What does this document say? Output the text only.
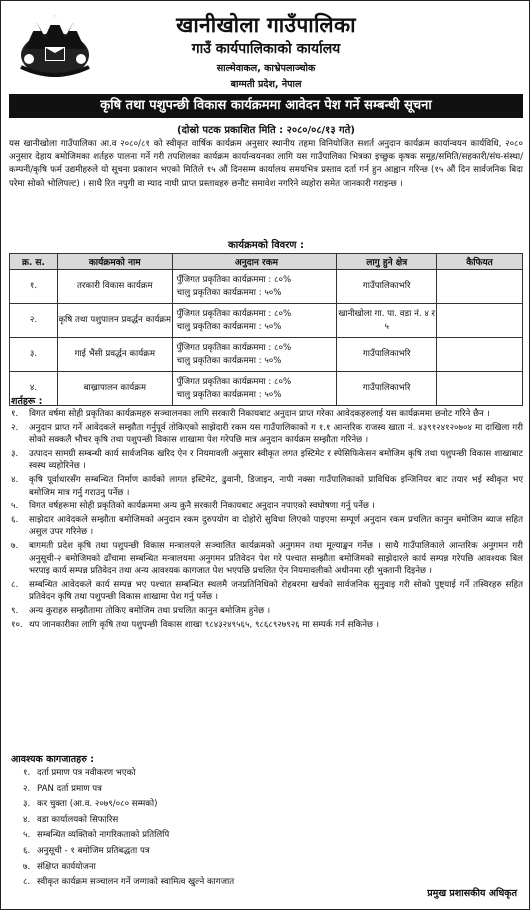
खानीखोला गाउँपालिका
गाउँ कार्यपालिकाको कार्यालय
साल्मेवाकल, काभ्रेपलाञ्चोक
बाग्मती प्रदेश, नेपाल
कृषि तथा पशुपन्छी विकास कार्यक्रममा आवेदन पेश गर्ने सम्बन्धी सूचना
(दोस्रो पटक प्रकाशित मिति : २०८०/०८/१३ गते)

यस खानीखोला गाउँपालिका आ.व २०८०/८१ को स्वीकृत वार्षिक कार्यक्रम अनुसार स्थानीय तहमा विनियोजित सशर्त अनुदान कार्यक्रम कार्यान्वयन कार्यविधि, २०८० अनुसार देहाय बमोजिमका शर्तहरु पालना गर्ने गरी तपशिलका कार्यक्रम कार्यान्वयनका लागि यस गाउँपालिका भित्रका इच्छुक कृषक समूह/समिति/सहकारी/संघ-संस्था/कम्पनी/कृषि फर्म उद्यमीहरुले यो सूचना प्रकाशन भएको मितिले १५ औं दिनसम्म कार्यालय समयभित्र प्रस्ताव दर्ता गर्न हुन आह्वान गरिन्छ (१५ औं दिन सार्वजनिक बिदा परेमा सोको भोलिपल्ट) । साथै रित नपुगी वा म्याद नाघी प्राप्त प्रस्तावहरु छनौट समावेश नगरिने व्यहोरा समेत जानकारी गराइन्छ ।

कार्यक्रमको विवरण :
क्र. स.	कार्यक्रमको नाम	अनुदान रकम	लागु हुने क्षेत्र	कैफियत
१.	तरकारी विकास कार्यक्रम	पुँजिगत प्रकृतिका कार्यक्रममा : ८०%
चालु प्रकृतिका कार्यक्रममा : ५०%	गाउँपालिकाभरि	
२.	कृषि तथा पशुपालन प्रवर्द्धन कार्यक्रम	पुँजिगत प्रकृतिका कार्यक्रममा : ८०%
चालु प्रकृतिका कार्यक्रममा : ५०%	खानीखोला गा. पा. वडा नं. ४ र ५	
३.	गाई भैंसी प्रवर्द्धन कार्यक्रम	पुँजिगत प्रकृतिका कार्यक्रममा : ८०%
चालु प्रकृतिका कार्यक्रममा : ५०%	गाउँपालिकाभरि	
४.	बाख्रापालन कार्यक्रम	पुँजिगत प्रकृतिका कार्यक्रममा : ८०%
चालु प्रकृतिका कार्यक्रममा : ५०%	गाउँपालिकाभरि	
शर्तहरू :
१. विगत वर्षमा सोही प्रकृतिका कार्यक्रमहरु सञ्चालनका लागि सरकारी निकायबाट अनुदान प्राप्त गरेका आवेदकहरुलाई यस कार्यक्रममा छनोट गरिने छैन ।
२. अनुदान प्राप्त गर्ने आवेदकले सम्झौता गर्नुपूर्व तोकिएको साझेदारी रकम यस गाउँपालिकाको ग १.१ आन्तरिक राजस्व खाता नं. ४३९१२४१२०७०४ मा दाखिला गरी सोको सक्कलै भौचर कृषि तथा पशुपन्छी विकास शाखामा पेश गरेपछि मात्र अनुदान कार्यक्रम सम्झौता गरिनेछ ।
३. उत्पादन सामग्री सम्बन्धी कार्य सार्वजनिक खरिद ऐन र नियमावली अनुसार स्वीकृत लगत इस्टिमेट र स्पेसिफिकेसन बमोजिम कृषि तथा पशुपन्छी विकास शाखाबाट स्वस्थ व्यहोरिनेछ ।
४. कृषि पूर्वाधारसँग सम्बन्धित निर्माण कार्यको लागत इस्टिमेट, ढुवानी, डिजाइन, नापी नक्सा गाउँपालिकाको प्राविधिक इन्जिनियर बाट तयार भई स्वीकृत भए बमोजिम मात्र गर्नु गराउनु पर्नेछ ।
५. विगत वर्षहरूमा सोही प्रकृतिको कार्यक्रममा अन्य कुनै सरकारी निकायबाट अनुदान नपाएको स्वघोषणा गर्नु पर्नेछ ।
६. साझेदार आवेदकले सम्झौता बमोजिमको अनुदान रकम दुरुपयोग वा दोहोरो सुविधा लिएको पाइएमा सम्पूर्ण अनुदान रकम प्रचलित कानुन बमोजिम ब्याज सहित असुल उपर गरिनेछ ।
७. बागमती प्रदेश कृषि तथा पशुपन्छी विकास मन्त्रालयले सञ्चालित कार्यक्रमको अनुगमन तथा मूल्याङ्कन गर्नेछ । साथै गाउँपालिकाले आन्तरिक अनुगमन गरी अनुसूची-२ बमोजिमको ढाँचामा सम्बन्धित मन्त्रालयमा अनुगमन प्रतिवेदन पेश गरे पश्चात सम्झौता बमोजिमको साझेदारले कार्य सम्पन्न गरेपछि आवश्यक बिल भरपाइ कार्य सम्पन्न प्रतिवेदन तथा अन्य आवश्यक कागजात पेश भएपछि प्रचलित ऐन नियमावलीको अधीनमा रही भुक्तानी दिइनेछ ।
८. सम्बन्धित आवेदकले कार्य सम्पन्न भए पश्चात सम्बन्धित स्थलमै जनप्रतिनिधिको रोहबरमा खर्चको सार्वजनिक सुनुवाइ गरी सोको पुष्ट्याई गर्ने तस्विरहरु सहित प्रतिवेदन कृषि तथा पशुपन्छी विकास शाखामा पेश गर्नु पर्नेछ ।
९. अन्य कुराहरु सम्झौतामा तोकिए बमोजिम तथा प्रचलित कानुन बमोजिम हुनेछ ।
१०. थप जानकारीका लागि कृषि तथा पशुपन्छी विकास शाखा ९८४३२४९५६५, ९८६८९२७९२६ मा सम्पर्क गर्न सकिनेछ ।
आवश्यक कागजातहरु :
१. दर्ता प्रमाण पत्र नवीकरण भएको
२. PAN दर्ता प्रमाण पत्र
३. कर चुक्ता (आ.व. २०७९/०८० सम्मको)
४. वडा कार्यालयको सिफारिस
५. सम्बन्धित व्यक्तिको नागरिकताको प्रतिलिपि
६. अनुसूची - १ बमोजिम प्रतिबद्धता पत्र
७. संक्षिप्त कार्ययोजना
८. स्वीकृत कार्यक्रम सञ्चालन गर्ने जग्गाको स्वामित्व खुल्ने कागजात
प्रमुख प्रशासकीय अधिकृत
